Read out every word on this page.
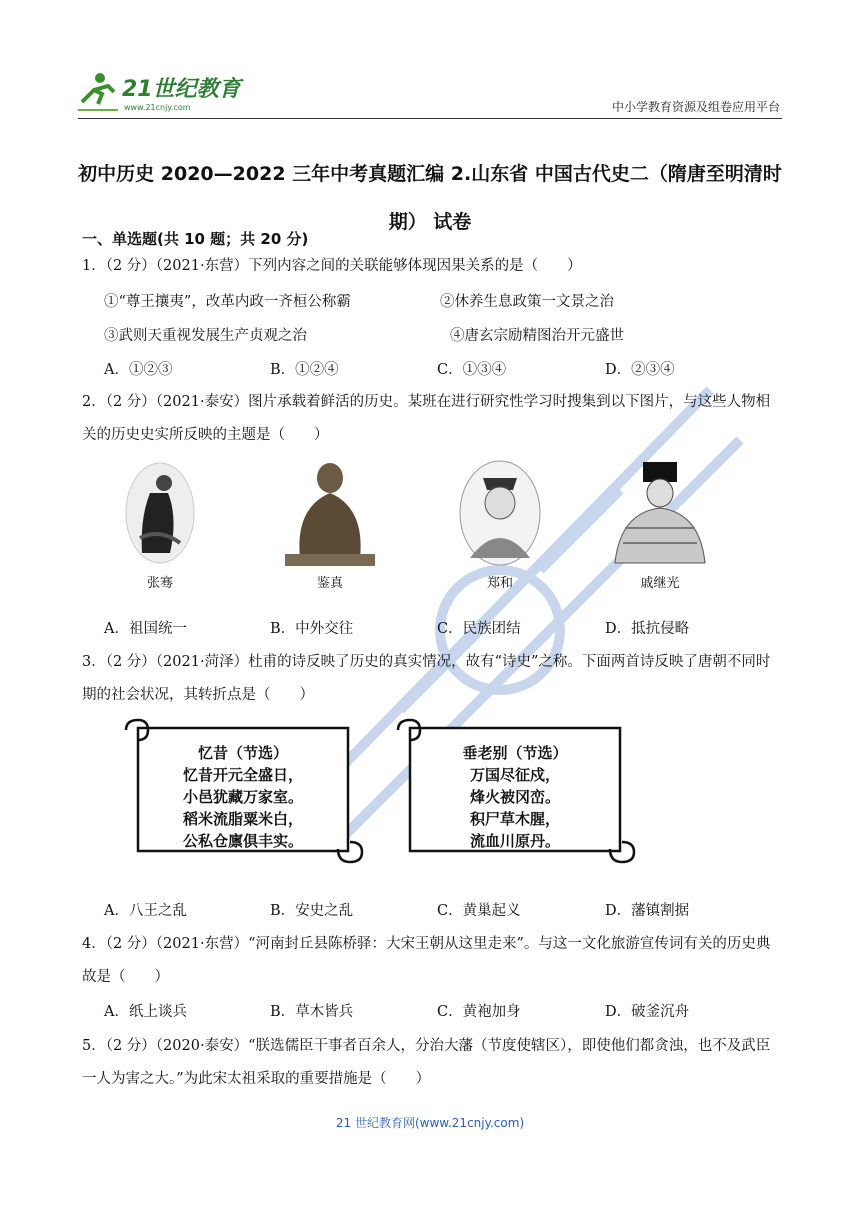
21世纪教育
www.21cnjy.com	中小学教育资源及组卷应用平台
初中历史 2020—2022 三年中考真题汇编 2.山东省 中国古代史二（隋唐至明清时期） 试卷
一、单选题(共 10 题；共 20 分)
1．（2 分）（2021·东营）下列内容之间的关联能够体现因果关系的是（　　）
①“尊王攘夷”，改革内政一齐桓公称霸	②休养生息政策一文景之治
③武则天重视发展生产贞观之治	④唐玄宗励精图治开元盛世
A．①②③	B．①②④	C．①③④	D．②③④
2．（2 分）（2021·泰安）图片承载着鲜活的历史。某班在进行研究性学习时搜集到以下图片，与这些人物相关的历史史实所反映的主题是（　　）
张骞	鉴真	郑和	戚继光
A．祖国统一	B．中外交往	C．民族团结	D．抵抗侵略
3．（2 分）（2021·菏泽）杜甫的诗反映了历史的真实情况，故有“诗史”之称。下面两首诗反映了唐朝不同时期的社会状况，其转折点是（　　）
忆昔（节选）
忆昔开元全盛日，
小邑犹藏万家室。
稻米流脂粟米白，
公私仓廪俱丰实。
垂老别（节选）
万国尽征戍，
烽火被冈峦。
积尸草木腥，
流血川原丹。
A．八王之乱	B．安史之乱	C．黄巢起义	D．藩镇割据
4．（2 分）（2021·东营）“河南封丘县陈桥驿：大宋王朝从这里走来”。与这一文化旅游宣传词有关的历史典故是（　　）
A．纸上谈兵	B．草木皆兵	C．黄袍加身	D．破釜沉舟
5．（2 分）（2020·泰安）“朕选儒臣干事者百余人，分治大藩（节度使辖区），即使他们都贪浊，也不及武臣一人为害之大。”为此宋太祖采取的重要措施是（　　）
21 世纪教育网(www.21cnjy.com)
